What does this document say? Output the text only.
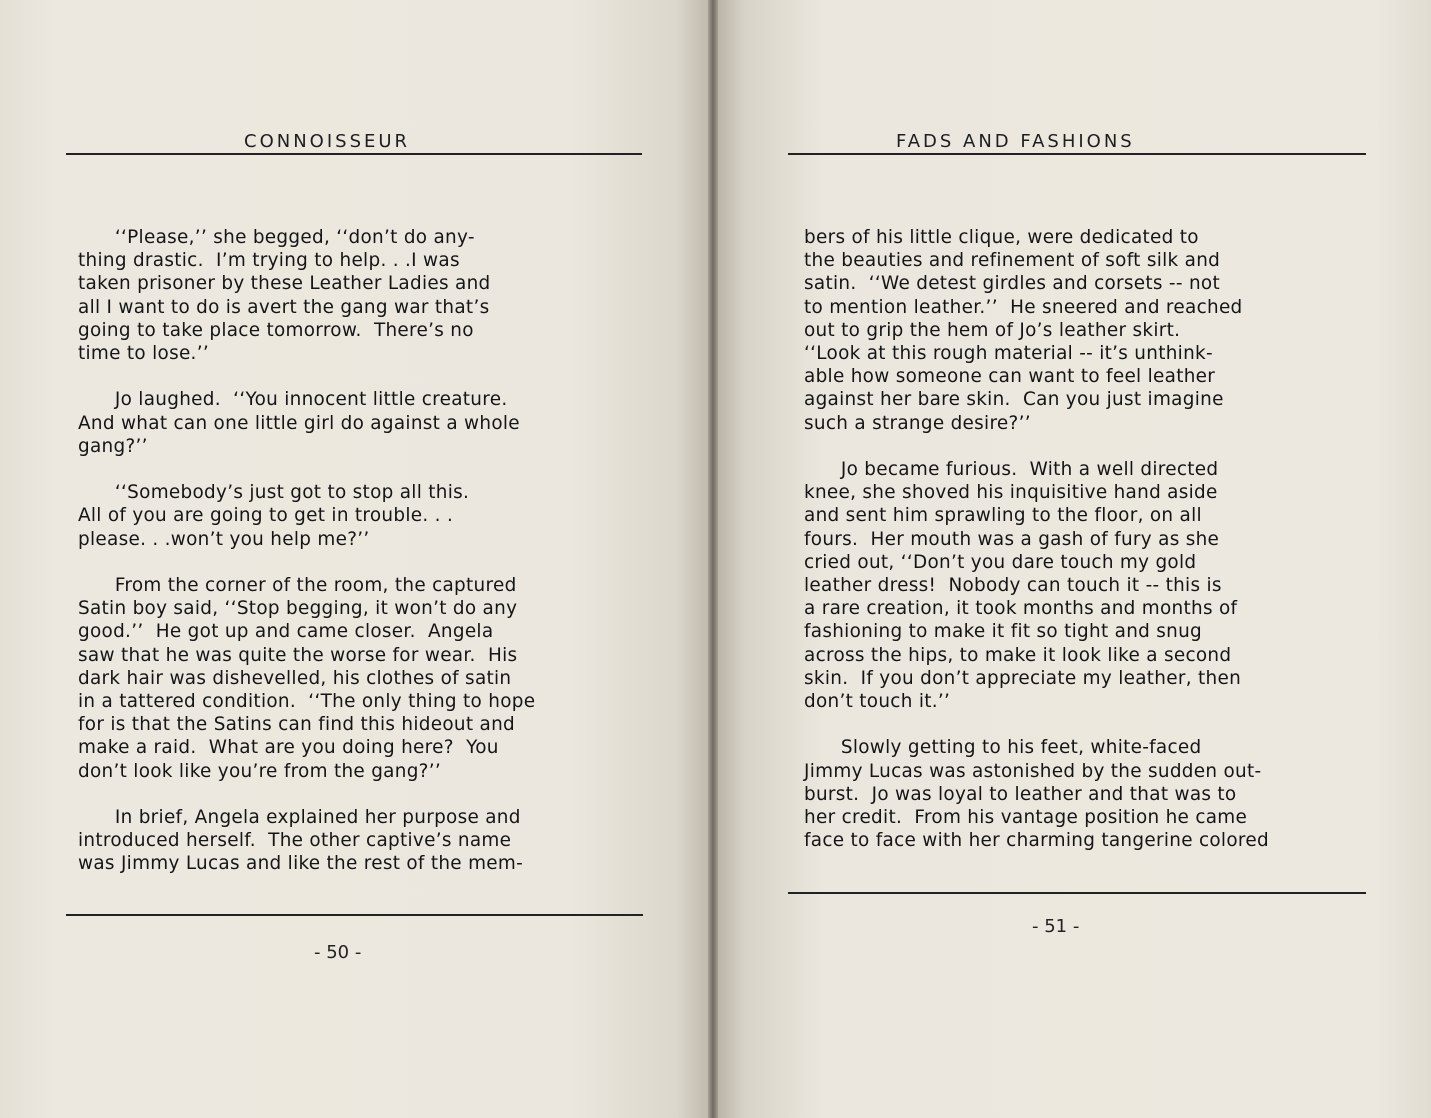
CONNOISSEUR
‘‘Please,’’ she begged, ‘‘don’t do any-
thing drastic.  I’m trying to help. . .I was
taken prisoner by these Leather Ladies and
all I want to do is avert the gang war that’s
going to take place tomorrow.  There’s no
time to lose.’’

Jo laughed.  ‘‘You innocent little creature.
And what can one little girl do against a whole
gang?’’

‘‘Somebody’s just got to stop all this.
All of you are going to get in trouble. . .
please. . .won’t you help me?’’

From the corner of the room, the captured
Satin boy said, ‘‘Stop begging, it won’t do any
good.’’  He got up and came closer.  Angela
saw that he was quite the worse for wear.  His
dark hair was dishevelled, his clothes of satin
in a tattered condition.  ‘‘The only thing to hope
for is that the Satins can find this hideout and
make a raid.  What are you doing here?  You
don’t look like you’re from the gang?’’

In brief, Angela explained her purpose and
introduced herself.  The other captive’s name
was Jimmy Lucas and like the rest of the mem-
- 50 -
FADS AND FASHIONS
bers of his little clique, were dedicated to
the beauties and refinement of soft silk and
satin.  ‘‘We detest girdles and corsets -- not
to mention leather.’’  He sneered and reached
out to grip the hem of Jo’s leather skirt.
‘‘Look at this rough material -- it’s unthink-
able how someone can want to feel leather
against her bare skin.  Can you just imagine
such a strange desire?’’

Jo became furious.  With a well directed
knee, she shoved his inquisitive hand aside
and sent him sprawling to the floor, on all
fours.  Her mouth was a gash of fury as she
cried out, ‘‘Don’t you dare touch my gold
leather dress!  Nobody can touch it -- this is
a rare creation, it took months and months of
fashioning to make it fit so tight and snug
across the hips, to make it look like a second
skin.  If you don’t appreciate my leather, then
don’t touch it.’’

Slowly getting to his feet, white-faced
Jimmy Lucas was astonished by the sudden out-
burst.  Jo was loyal to leather and that was to
her credit.  From his vantage position he came
face to face with her charming tangerine colored
- 51 -
